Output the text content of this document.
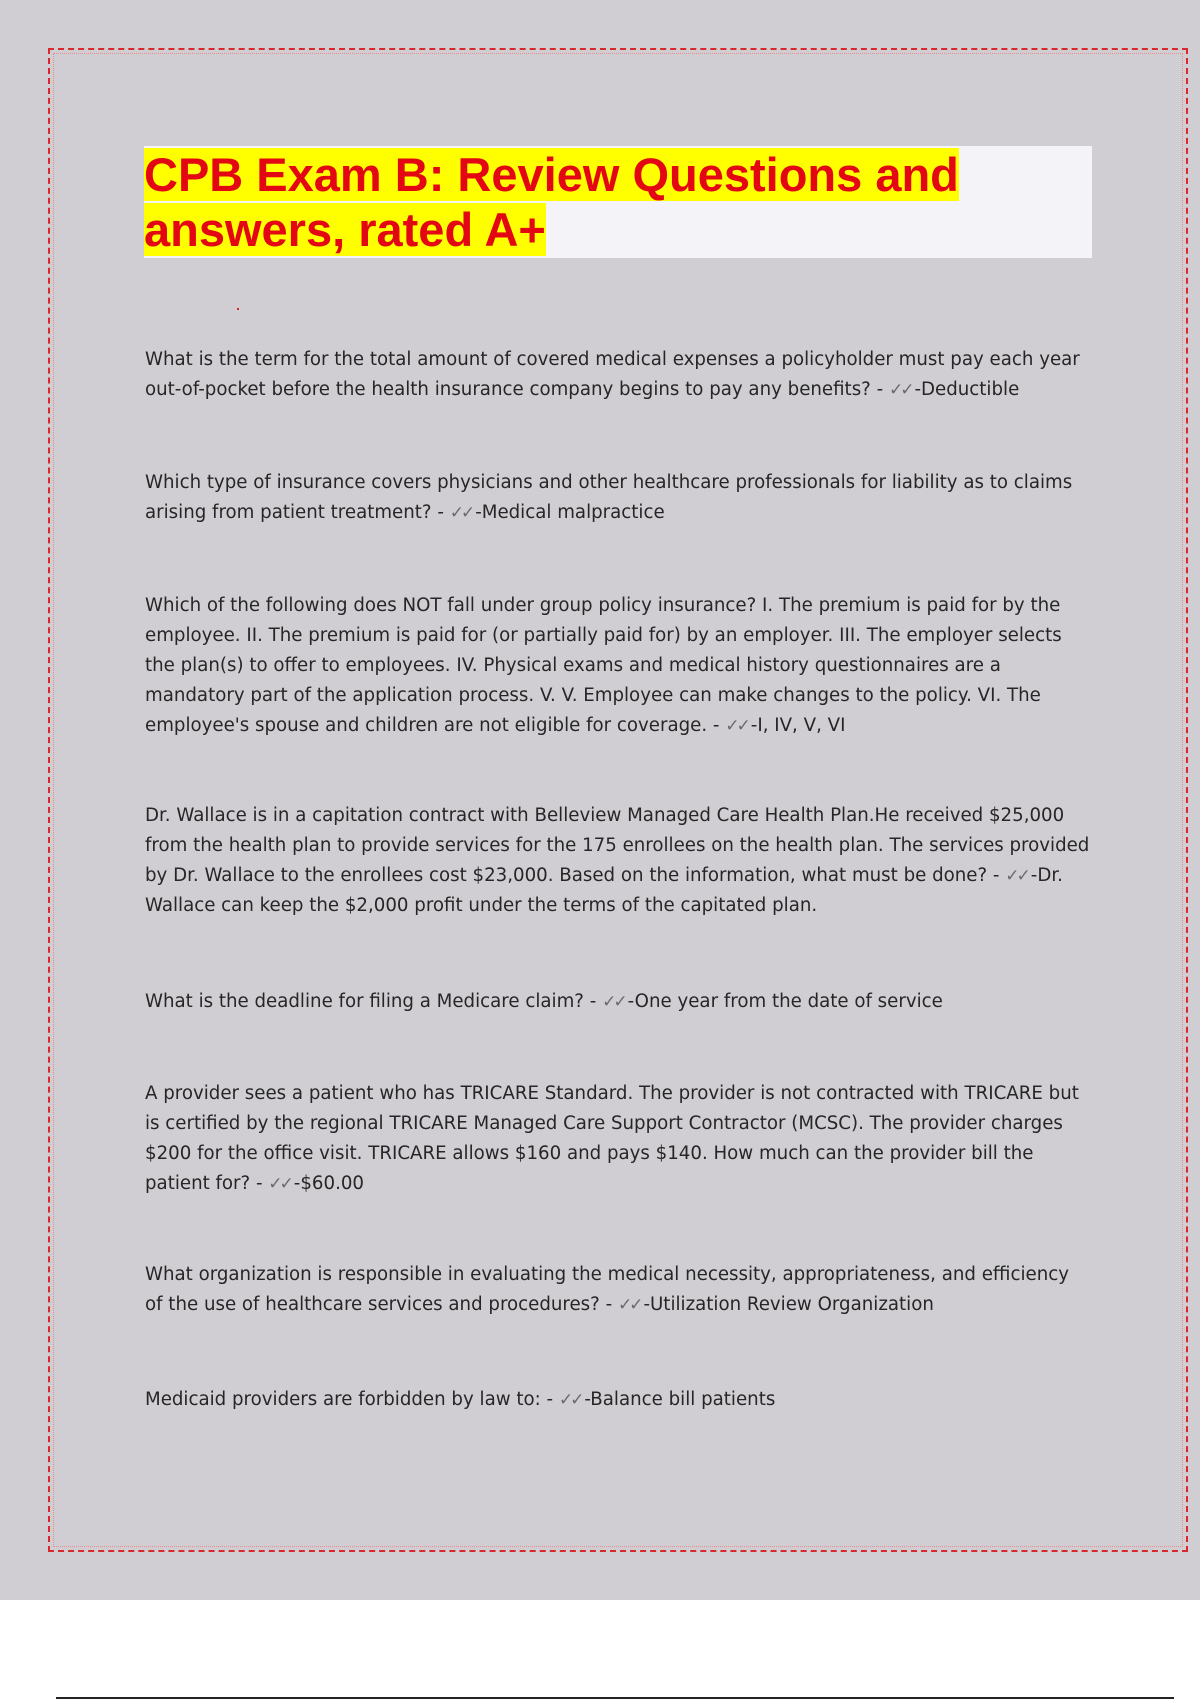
CPB Exam B: Review Questions and
answers, rated A+

What is the term for the total amount of covered medical expenses a policyholder must pay each year out-of-pocket before the health insurance company begins to pay any benefits? - ✓✓ -Deductible

Which type of insurance covers physicians and other healthcare professionals for liability as to claims arising from patient treatment? - ✓✓ -Medical malpractice

Which of the following does NOT fall under group policy insurance? I. The premium is paid for by the employee. II. The premium is paid for (or partially paid for) by an employer. III. The employer selects the plan(s) to offer to employees. IV. Physical exams and medical history questionnaires are a mandatory part of the application process. V. V. Employee can make changes to the policy. VI. The employee's spouse and children are not eligible for coverage. - ✓✓ -I, IV, V, VI

Dr. Wallace is in a capitation contract with Belleview Managed Care Health Plan.He received $25,000 from the health plan to provide services for the 175 enrollees on the health plan. The services provided by Dr. Wallace to the enrollees cost $23,000. Based on the information, what must be done? - ✓✓ -Dr. Wallace can keep the $2,000 profit under the terms of the capitated plan.

What is the deadline for filing a Medicare claim? - ✓✓ -One year from the date of service

A provider sees a patient who has TRICARE Standard. The provider is not contracted with TRICARE but is certified by the regional TRICARE Managed Care Support Contractor (MCSC). The provider charges $200 for the office visit. TRICARE allows $160 and pays $140. How much can the provider bill the patient for? - ✓✓ -$60.00

What organization is responsible in evaluating the medical necessity, appropriateness, and efficiency of the use of healthcare services and procedures? - ✓✓ -Utilization Review Organization

Medicaid providers are forbidden by law to: - ✓✓ -Balance bill patients
